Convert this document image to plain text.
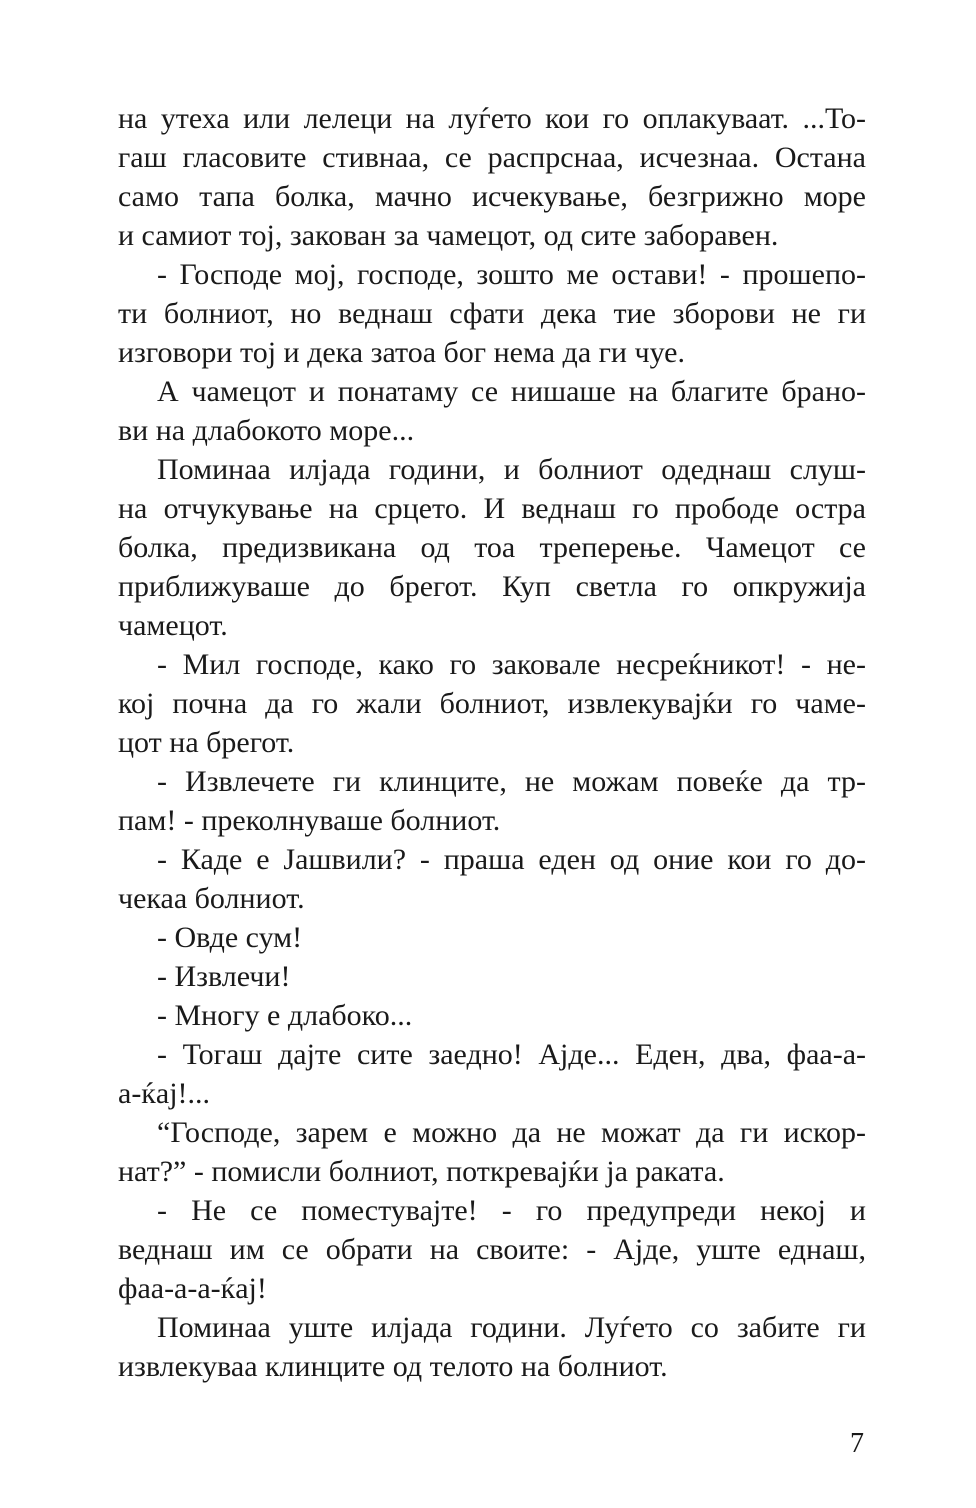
на утеха или лелеци на луѓето кои го оплакуваат. ...То-
гаш гласовите стивнаа, се распрснаа, исчезнаа. Остана
само тапа болка, мачно исчекување, безгрижно море
и самиот тој, закован за чамецот, од сите заборавен.
- Господе мој, господе, зошто ме остави! - прошепо-
ти болниот, но веднаш сфати дека тие зборови не ги
изговори тој и дека затоа бог нема да ги чуе.
А чамецот и понатаму се нишаше на благите брано-
ви на длабокото море...
Поминаа илјада години, и болниот одеднаш слуш-
на отчукување на срцето. И веднаш го прободе остра
болка, предизвикана од тоа треперење. Чамецот се
приближуваше до брегот. Куп светла го опкружија
чамецот.
- Мил господе, како го заковале несреќникот! - не-
кој почна да го жали болниот, извлекувајќи го чаме-
цот на брегот.
- Извлечете ги клинците, не можам повеќе да тр-
пам! - преколнуваше болниот.
- Каде е Јашвили? - праша еден од оние кои го до-
чекаа болниот.
- Овде сум!
- Извлечи!
- Многу е длабоко...
- Тогаш дајте сите заедно! Ајде... Еден, два, фаа-а-
а-ќај!...
“Господе, зарем е можно да не можат да ги искор-
нат?” - помисли болниот, поткревајќи ја раката.
- Не се поместувајте! - го предупреди некој и
веднаш им се обрати на своите: - Ајде, уште еднаш,
фаа-а-а-ќај!
Поминаа уште илјада години. Луѓето со забите ги
извлекуваа клинците од телото на болниот.
7
